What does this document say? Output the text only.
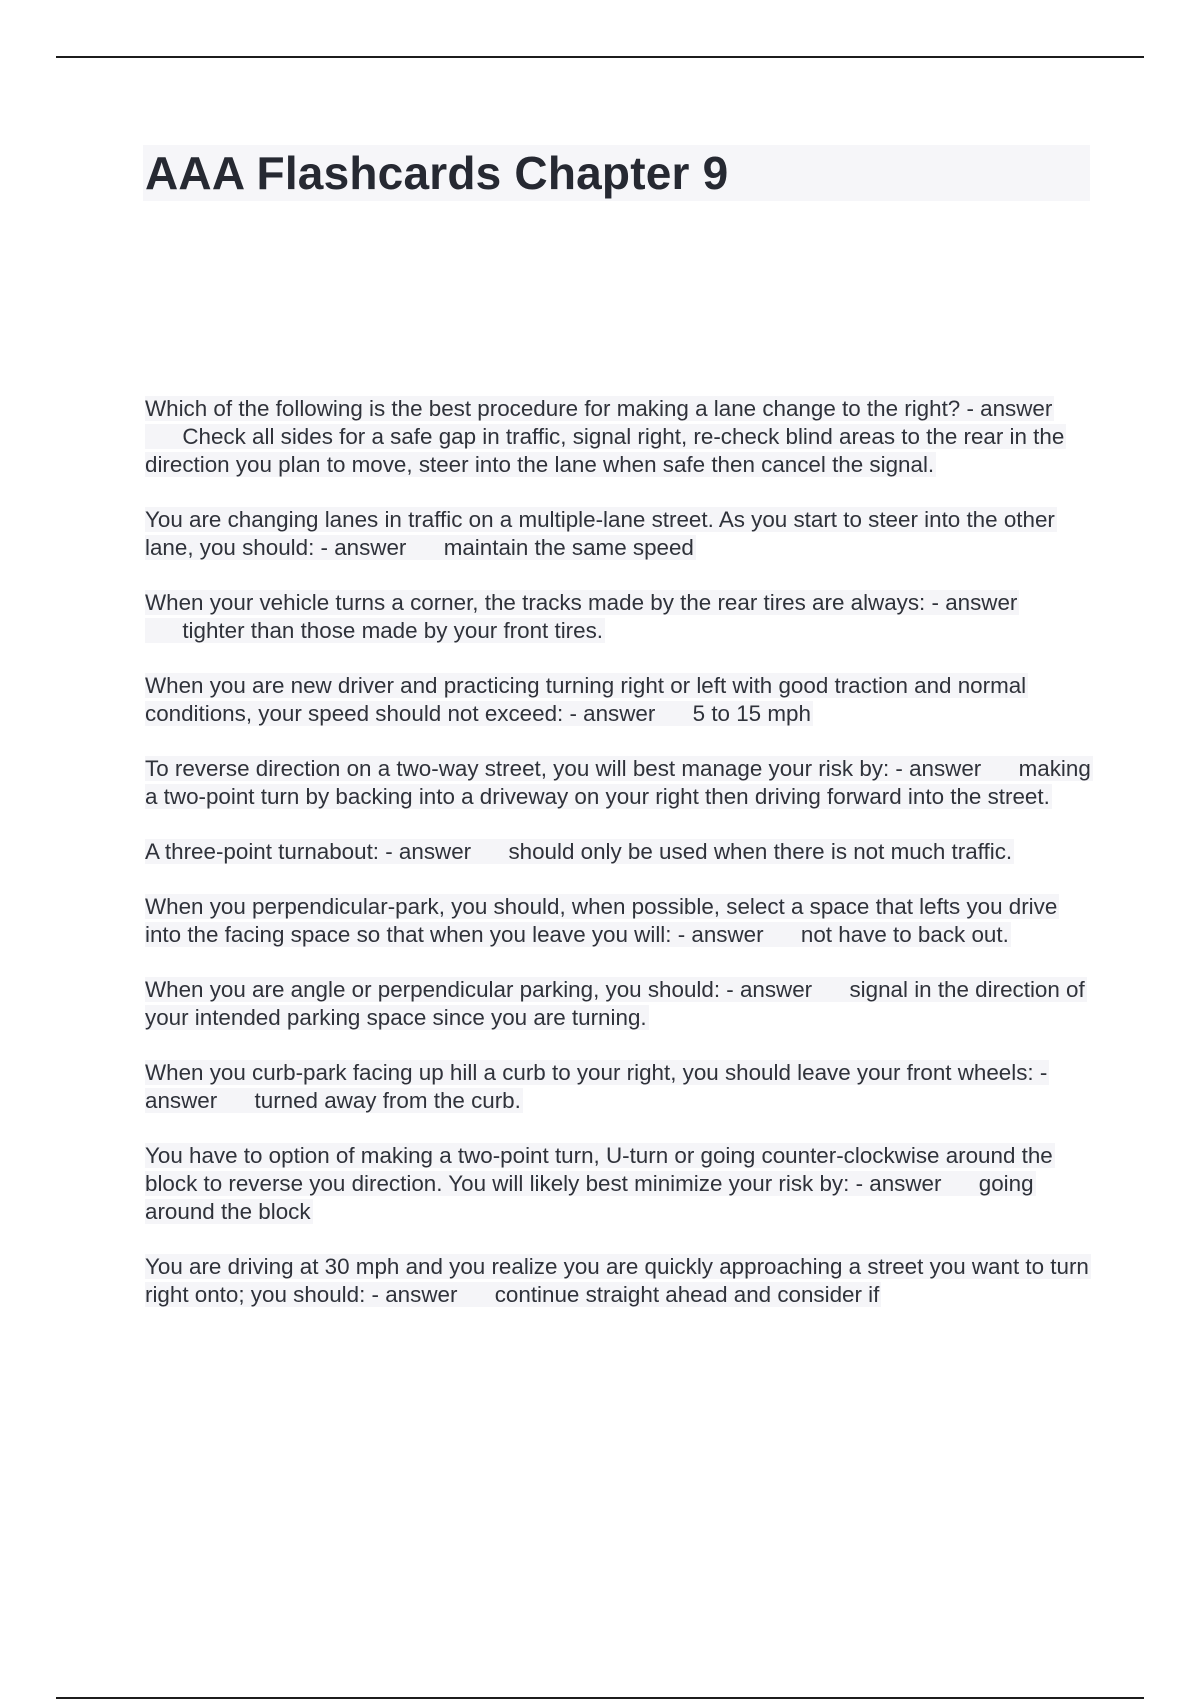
AAA Flashcards Chapter 9

Which of the following is the best procedure for making a lane change to the right? - answer      Check all sides for a safe gap in traffic, signal right, re-check blind areas to the rear in the direction you plan to move, steer into the lane when safe then cancel the signal.

You are changing lanes in traffic on a multiple-lane street. As you start to steer into the other lane, you should: - answer maintain the same speed

When your vehicle turns a corner, the tracks made by the rear tires are always: - answer      tighter than those made by your front tires.

When you are new driver and practicing turning right or left with good traction and normal conditions, your speed should not exceed: - answer 5 to 15 mph

To reverse direction on a two-way street, you will best manage your risk by: - answer making a two-point turn by backing into a driveway on your right then driving forward into the street.

A three-point turnabout: - answer should only be used when there is not much traffic.

When you perpendicular-park, you should, when possible, select a space that lefts you drive into the facing space so that when you leave you will: - answer not have to back out.

When you are angle or perpendicular parking, you should: - answer signal in the direction of your intended parking space since you are turning.

When you curb-park facing up hill a curb to your right, you should leave your front wheels: - answer turned away from the curb.

You have to option of making a two-point turn, U-turn or going counter-clockwise around the block to reverse you direction. You will likely best minimize your risk by: - answer going around the block

You are driving at 30 mph and you realize you are quickly approaching a street you want to turn right onto; you should: - answer continue straight ahead and consider if
